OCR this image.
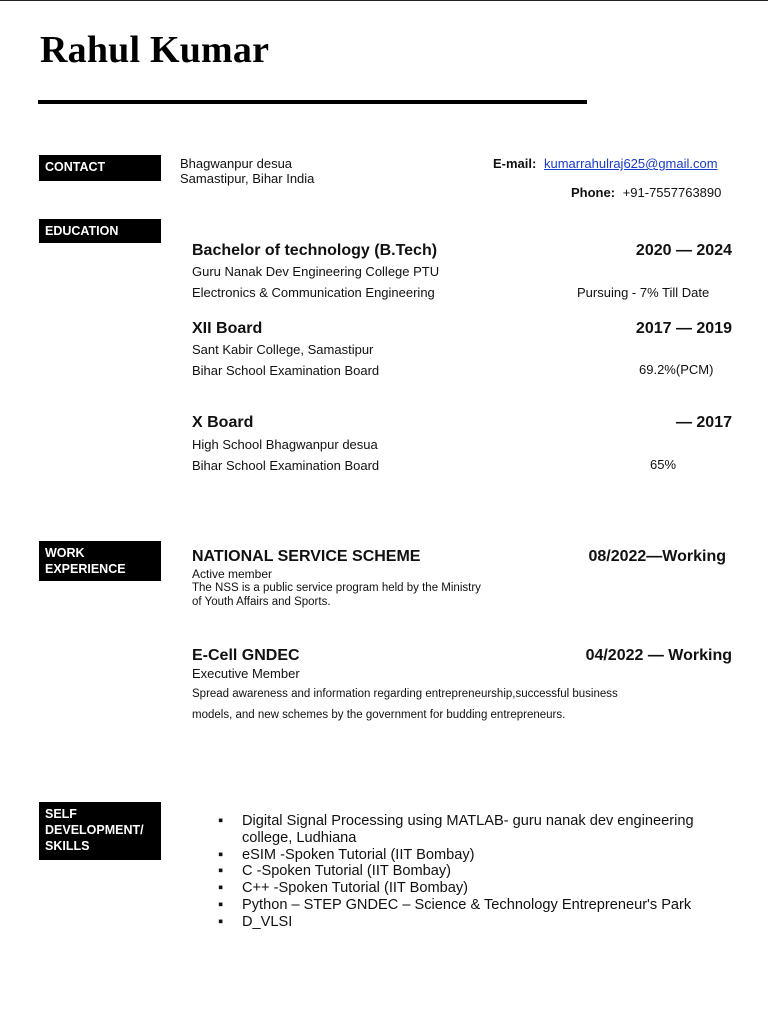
Rahul Kumar
CONTACT	Bhagwanpur desua
Samastipur, Bihar India
E-mail: kumarrahulraj625@gmail.com
Phone: +91-7557763890
EDUCATION
Bachelor of technology (B.Tech)	2020 — 2024
Guru Nanak Dev Engineering College PTU
Electronics & Communication Engineering	Pursuing - 7% Till Date
XII Board	2017 — 2019
Sant Kabir College, Samastipur
Bihar School Examination Board	69.2%(PCM)
X Board	— 2017
High School Bhagwanpur desua
Bihar School Examination Board	65%
WORK
EXPERIENCE
NATIONAL SERVICE SCHEME	08/2022—Working
Active member
The NSS is a public service program held by the Ministry
of Youth Affairs and Sports.
E-Cell GNDEC	04/2022 — Working
Executive Member
Spread awareness and information regarding entrepreneurship,successful business
models, and new schemes by the government for budding entrepreneurs.
SELF
DEVELOPMENT/
SKILLS
▪ Digital Signal Processing using MATLAB- guru nanak dev engineering college, Ludhiana
▪ eSIM -Spoken Tutorial (IIT Bombay)
▪ C -Spoken Tutorial (IIT Bombay)
▪ C++ -Spoken Tutorial (IIT Bombay)
▪ Python – STEP GNDEC – Science & Technology Entrepreneur's Park
▪ D_VLSI
